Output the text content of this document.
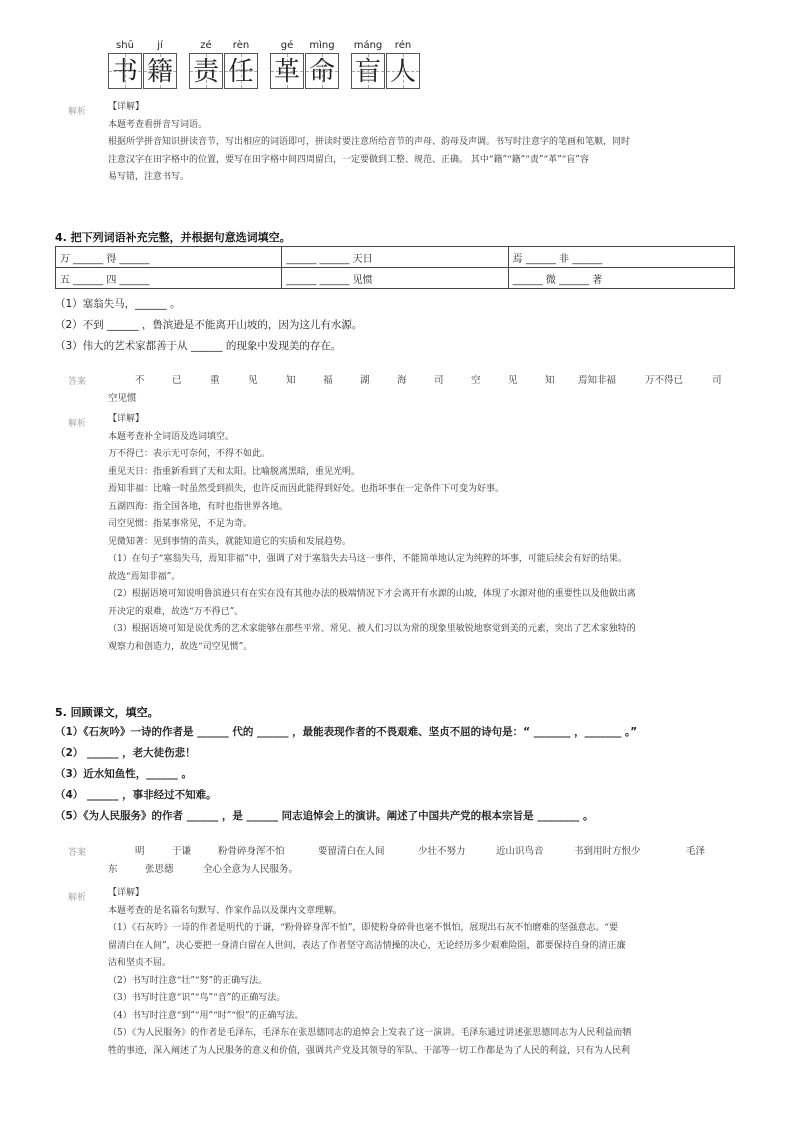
shū	jí
书 籍
zé	rèn
责 任
gé	mìng
革 命
máng	rén
盲 人
解析 【详解】

本题考查看拼音写词语。

根据所学拼音知识拼读音节，写出相应的词语即可，拼读时要注意所给音节的声母、韵母及声调。书写时注意字的笔画和笔顺，同时

注意汉字在田字格中的位置，要写在田字格中间四周留白，一定要做到工整、规范、正确。 其中“籍”“籍”“责”“革”“盲”容

易写错，注意书写。

4. 把下列词语补充完整，并根据句意选词填空。
万 ______ 得 ______	______ ______ 天日	焉 ______ 非 ______
五 ______ 四 ______	______ ______ 见惯	______ 微 ______ 著
（1）塞翁失马，______ 。
（2）不到 ______ ，鲁滨逊是不能离开山坡的，因为这儿有水源。
（3）伟大的艺术家都善于从 ______ 的现象中发现美的存在。
答案	不	已	重	见	知	福	湖	海	司	空	见	知 焉知非福	万不得已	司
空见惯
解析 【详解】

本题考查补全词语及选词填空。

万不得已：表示无可奈何，不得不如此。

重见天日：指重新看到了天和太阳。比喻脱离黑暗，重见光明。

焉知非福：比喻一时虽然受到损失，也许反而因此能得到好处。也指坏事在一定条件下可变为好事。

五湖四海：指全国各地，有时也指世界各地。

司空见惯：指某事常见，不足为奇。

见微知著：见到事情的苗头，就能知道它的实质和发展趋势。

（1）在句子“塞翁失马，焉知非福”中，强调了对于塞翁失去马这一事件，不能简单地认定为纯粹的坏事，可能后续会有好的结果。

故选“焉知非福”。

（2）根据语境可知说明鲁滨逊只有在实在没有其他办法的极端情况下才会离开有水源的山坡，体现了水源对他的重要性以及他做出离

开决定的艰难，故选“万不得已”。

（3）根据语境可知是说优秀的艺术家能够在那些平常、常见、被人们习以为常的现象里敏锐地察觉到美的元素，突出了艺术家独特的

观察力和创造力，故选“司空见惯”。

5. 回顾课文，填空。
（1）《石灰吟》一诗的作者是 ______ 代的 ______ ，最能表现作者的不畏艰难、坚贞不屈的诗句是：“ _______ ，_______ 。”
（2） ______ ，老大徒伤悲！
（3）近水知鱼性，______ 。
（4） ______ ，事非经过不知难。
（5）《为人民服务》的作者 ______ ，是 ______ 同志追悼会上的演讲。阐述了中国共产党的根本宗旨是 ________ 。
答案	明	于谦	粉骨碎身浑不怕	要留清白在人间	少壮不努力	近山识鸟音	书到用时方恨少	毛泽
东	张思德	全心全意为人民服务。
解析 【详解】

本题考查的是名篇名句默写、作家作品以及课内文章理解。

（1）《石灰吟》一诗的作者是明代的于谦，“粉骨碎身浑不怕”，即使粉身碎骨也毫不惧怕，展现出石灰不怕磨难的坚强意志。“要

留清白在人间”，决心要把一身清白留在人世间，表达了作者坚守高洁情操的决心，无论经历多少艰难险阻，都要保持自身的清正廉

洁和坚贞不屈。

（2）书写时注意“壮”“努”的正确写法。

（3）书写时注意“识”“鸟”“音”的正确写法。

（4）书写时注意“到”“用”“时”“恨”的正确写法。

（5）《为人民服务》的作者是毛泽东，毛泽东在张思德同志的追悼会上发表了这一演讲。毛泽东通过讲述张思德同志为人民利益而牺

牲的事迹，深入阐述了为人民服务的意义和价值，强调共产党及其领导的军队、干部等一切工作都是为了人民的利益，只有为人民利
